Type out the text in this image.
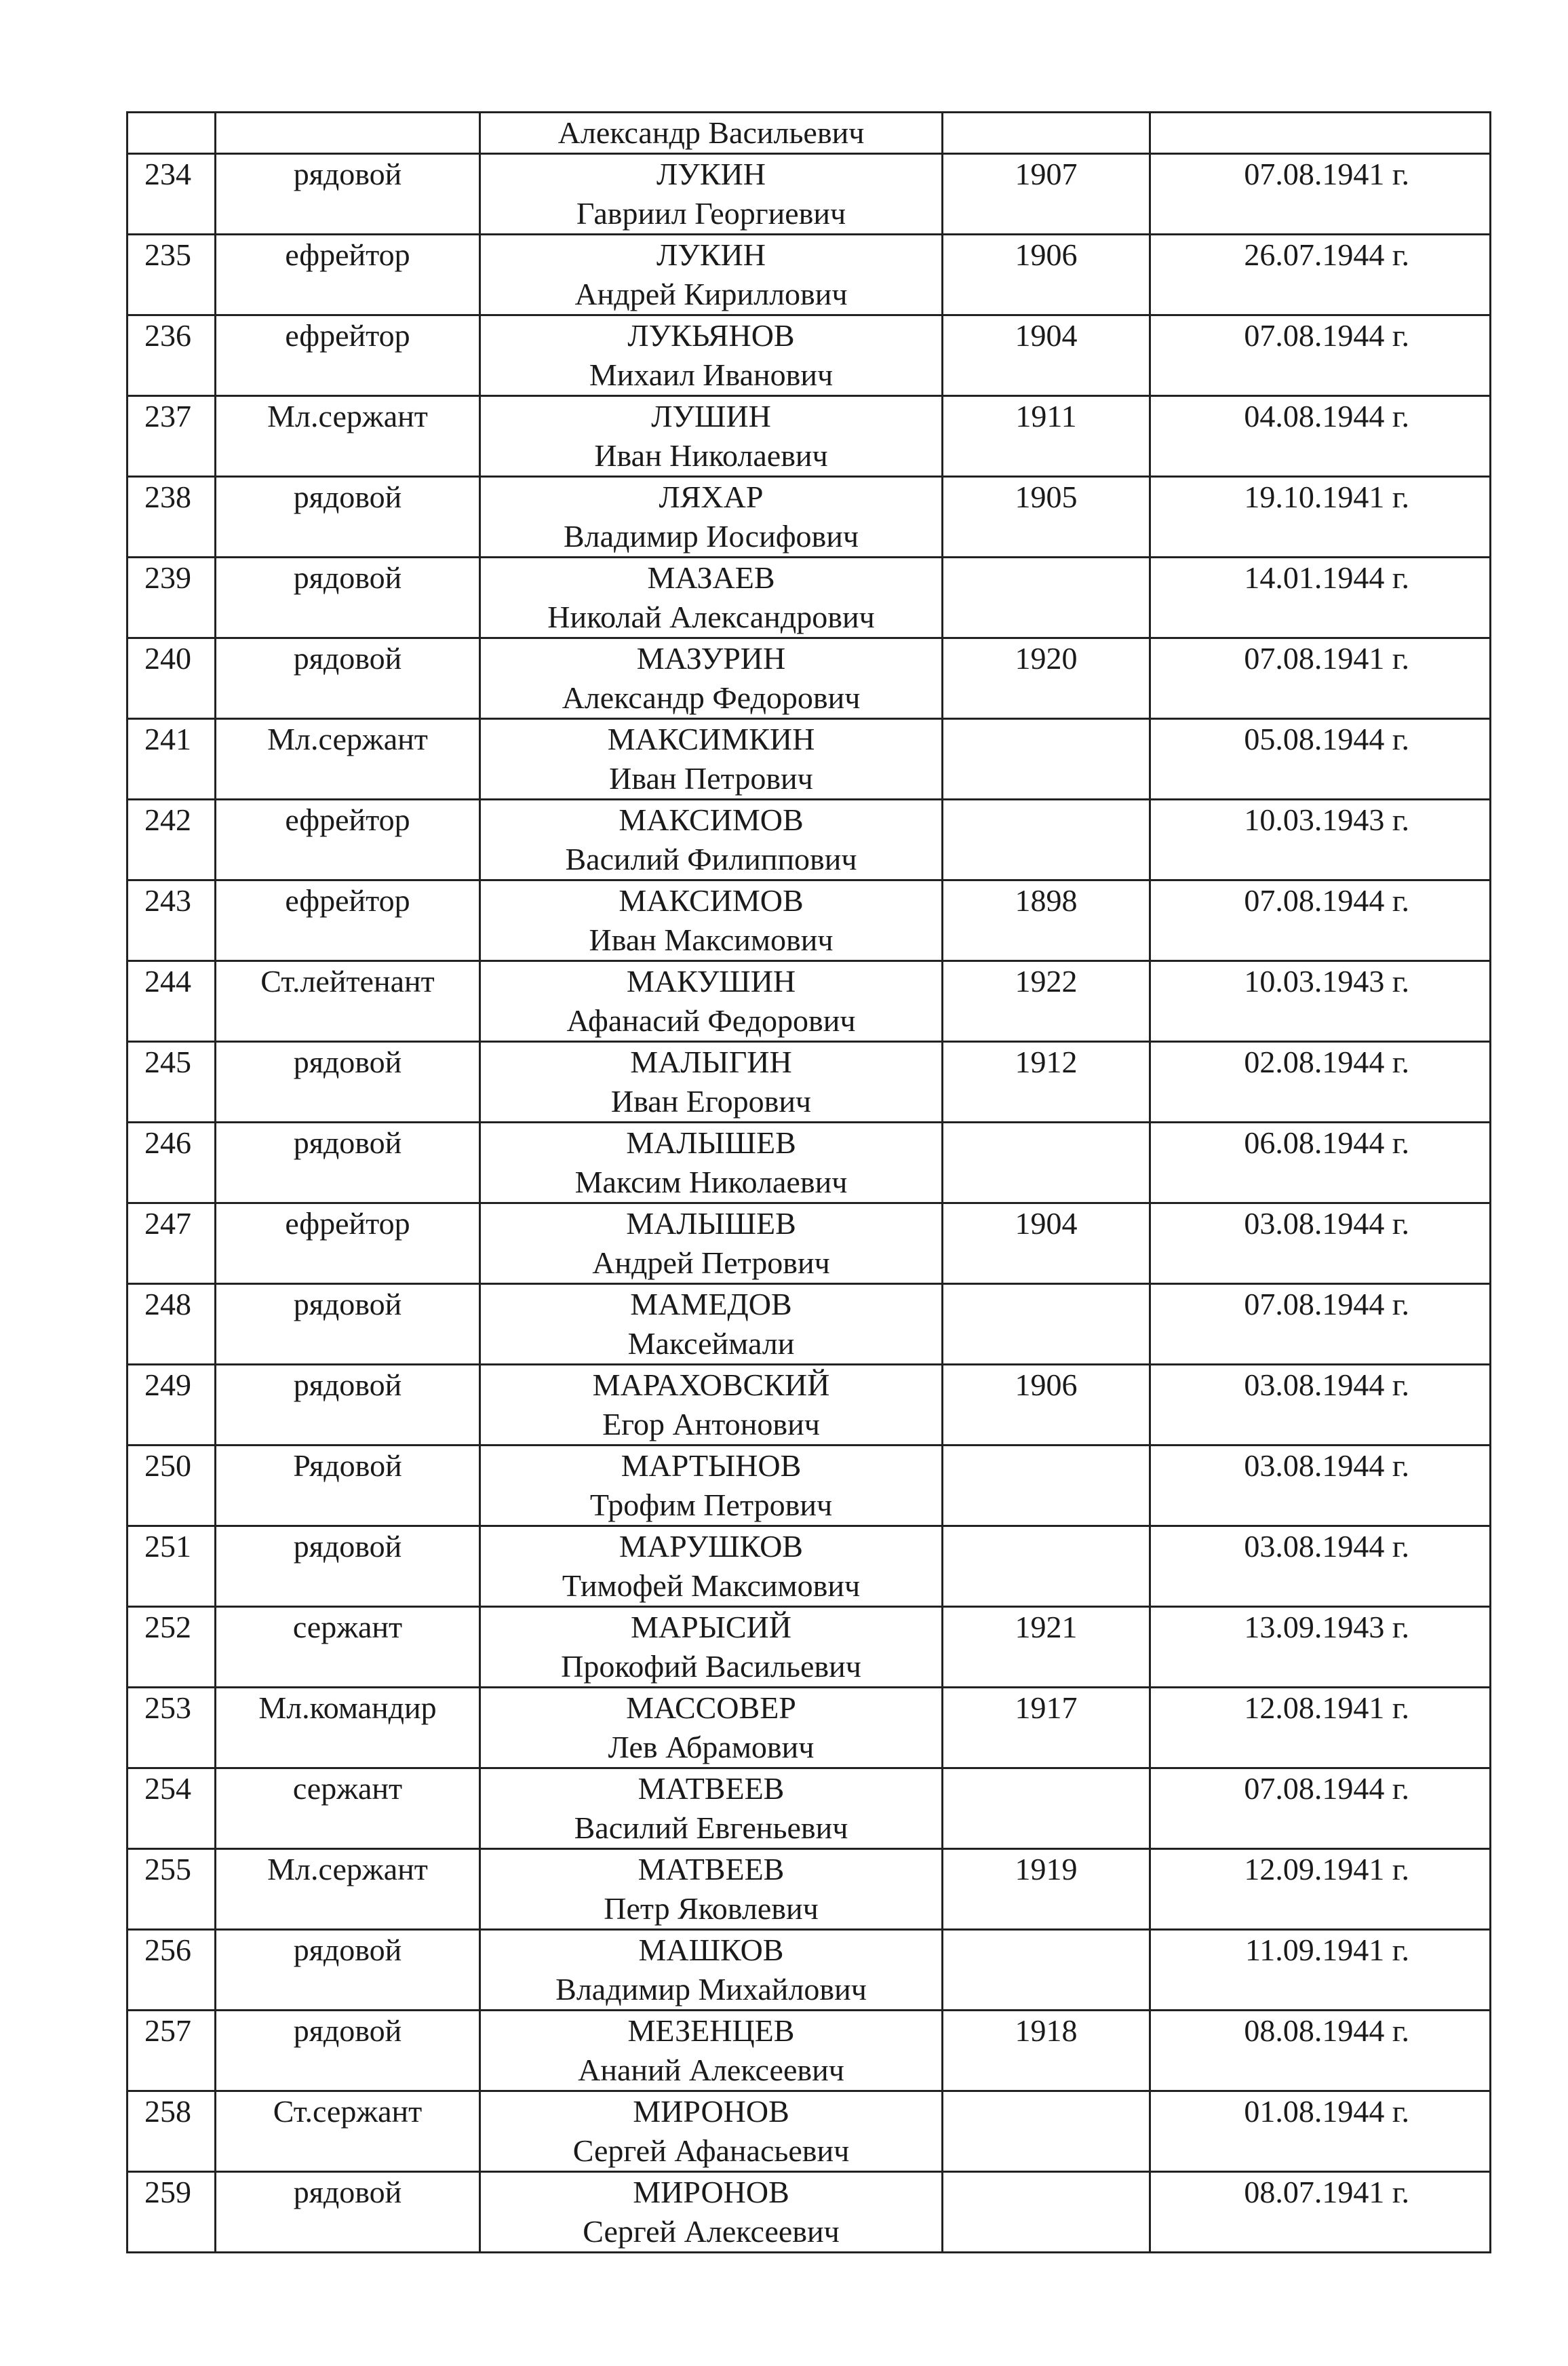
		Александр Васильевич		

234	рядовой	ЛУКИН
Гавриил Георгиевич	1907	07.08.1941 г.

235	ефрейтор	ЛУКИН
Андрей Кириллович	1906	26.07.1944 г.

236	ефрейтор	ЛУКЬЯНОВ
Михаил Иванович	1904	07.08.1944 г.

237	Мл.сержант	ЛУШИН
Иван Николаевич	1911	04.08.1944 г.

238	рядовой	ЛЯХАР
Владимир Иосифович	1905	19.10.1941 г.

239	рядовой	МАЗАЕВ
Николай Александрович		14.01.1944 г.

240	рядовой	МАЗУРИН
Александр Федорович	1920	07.08.1941 г.

241	Мл.сержант	МАКСИМКИН
Иван Петрович		05.08.1944 г.

242	ефрейтор	МАКСИМОВ
Василий Филиппович		10.03.1943 г.

243	ефрейтор	МАКСИМОВ
Иван Максимович	1898	07.08.1944 г.

244	Ст.лейтенант	МАКУШИН
Афанасий Федорович	1922	10.03.1943 г.

245	рядовой	МАЛЫГИН
Иван Егорович	1912	02.08.1944 г.

246	рядовой	МАЛЫШЕВ
Максим Николаевич		06.08.1944 г.

247	ефрейтор	МАЛЫШЕВ
Андрей Петрович	1904	03.08.1944 г.

248	рядовой	МАМЕДОВ
Максеймали		07.08.1944 г.

249	рядовой	МАРАХОВСКИЙ
Егор Антонович	1906	03.08.1944 г.

250	Рядовой	МАРТЫНОВ
Трофим Петрович		03.08.1944 г.

251	рядовой	МАРУШКОВ
Тимофей Максимович		03.08.1944 г.

252	сержант	МАРЫСИЙ
Прокофий Васильевич	1921	13.09.1943 г.

253	Мл.командир	МАССОВЕР
Лев Абрамович	1917	12.08.1941 г.

254	сержант	МАТВЕЕВ
Василий Евгеньевич		07.08.1944 г.

255	Мл.сержант	МАТВЕЕВ
Петр Яковлевич	1919	12.09.1941 г.

256	рядовой	МАШКОВ
Владимир Михайлович		11.09.1941 г.

257	рядовой	МЕЗЕНЦЕВ
Ананий Алексеевич	1918	08.08.1944 г.

258	Ст.сержант	МИРОНОВ
Сергей Афанасьевич		01.08.1944 г.

259	рядовой	МИРОНОВ
Сергей Алексеевич		08.07.1941 г.
